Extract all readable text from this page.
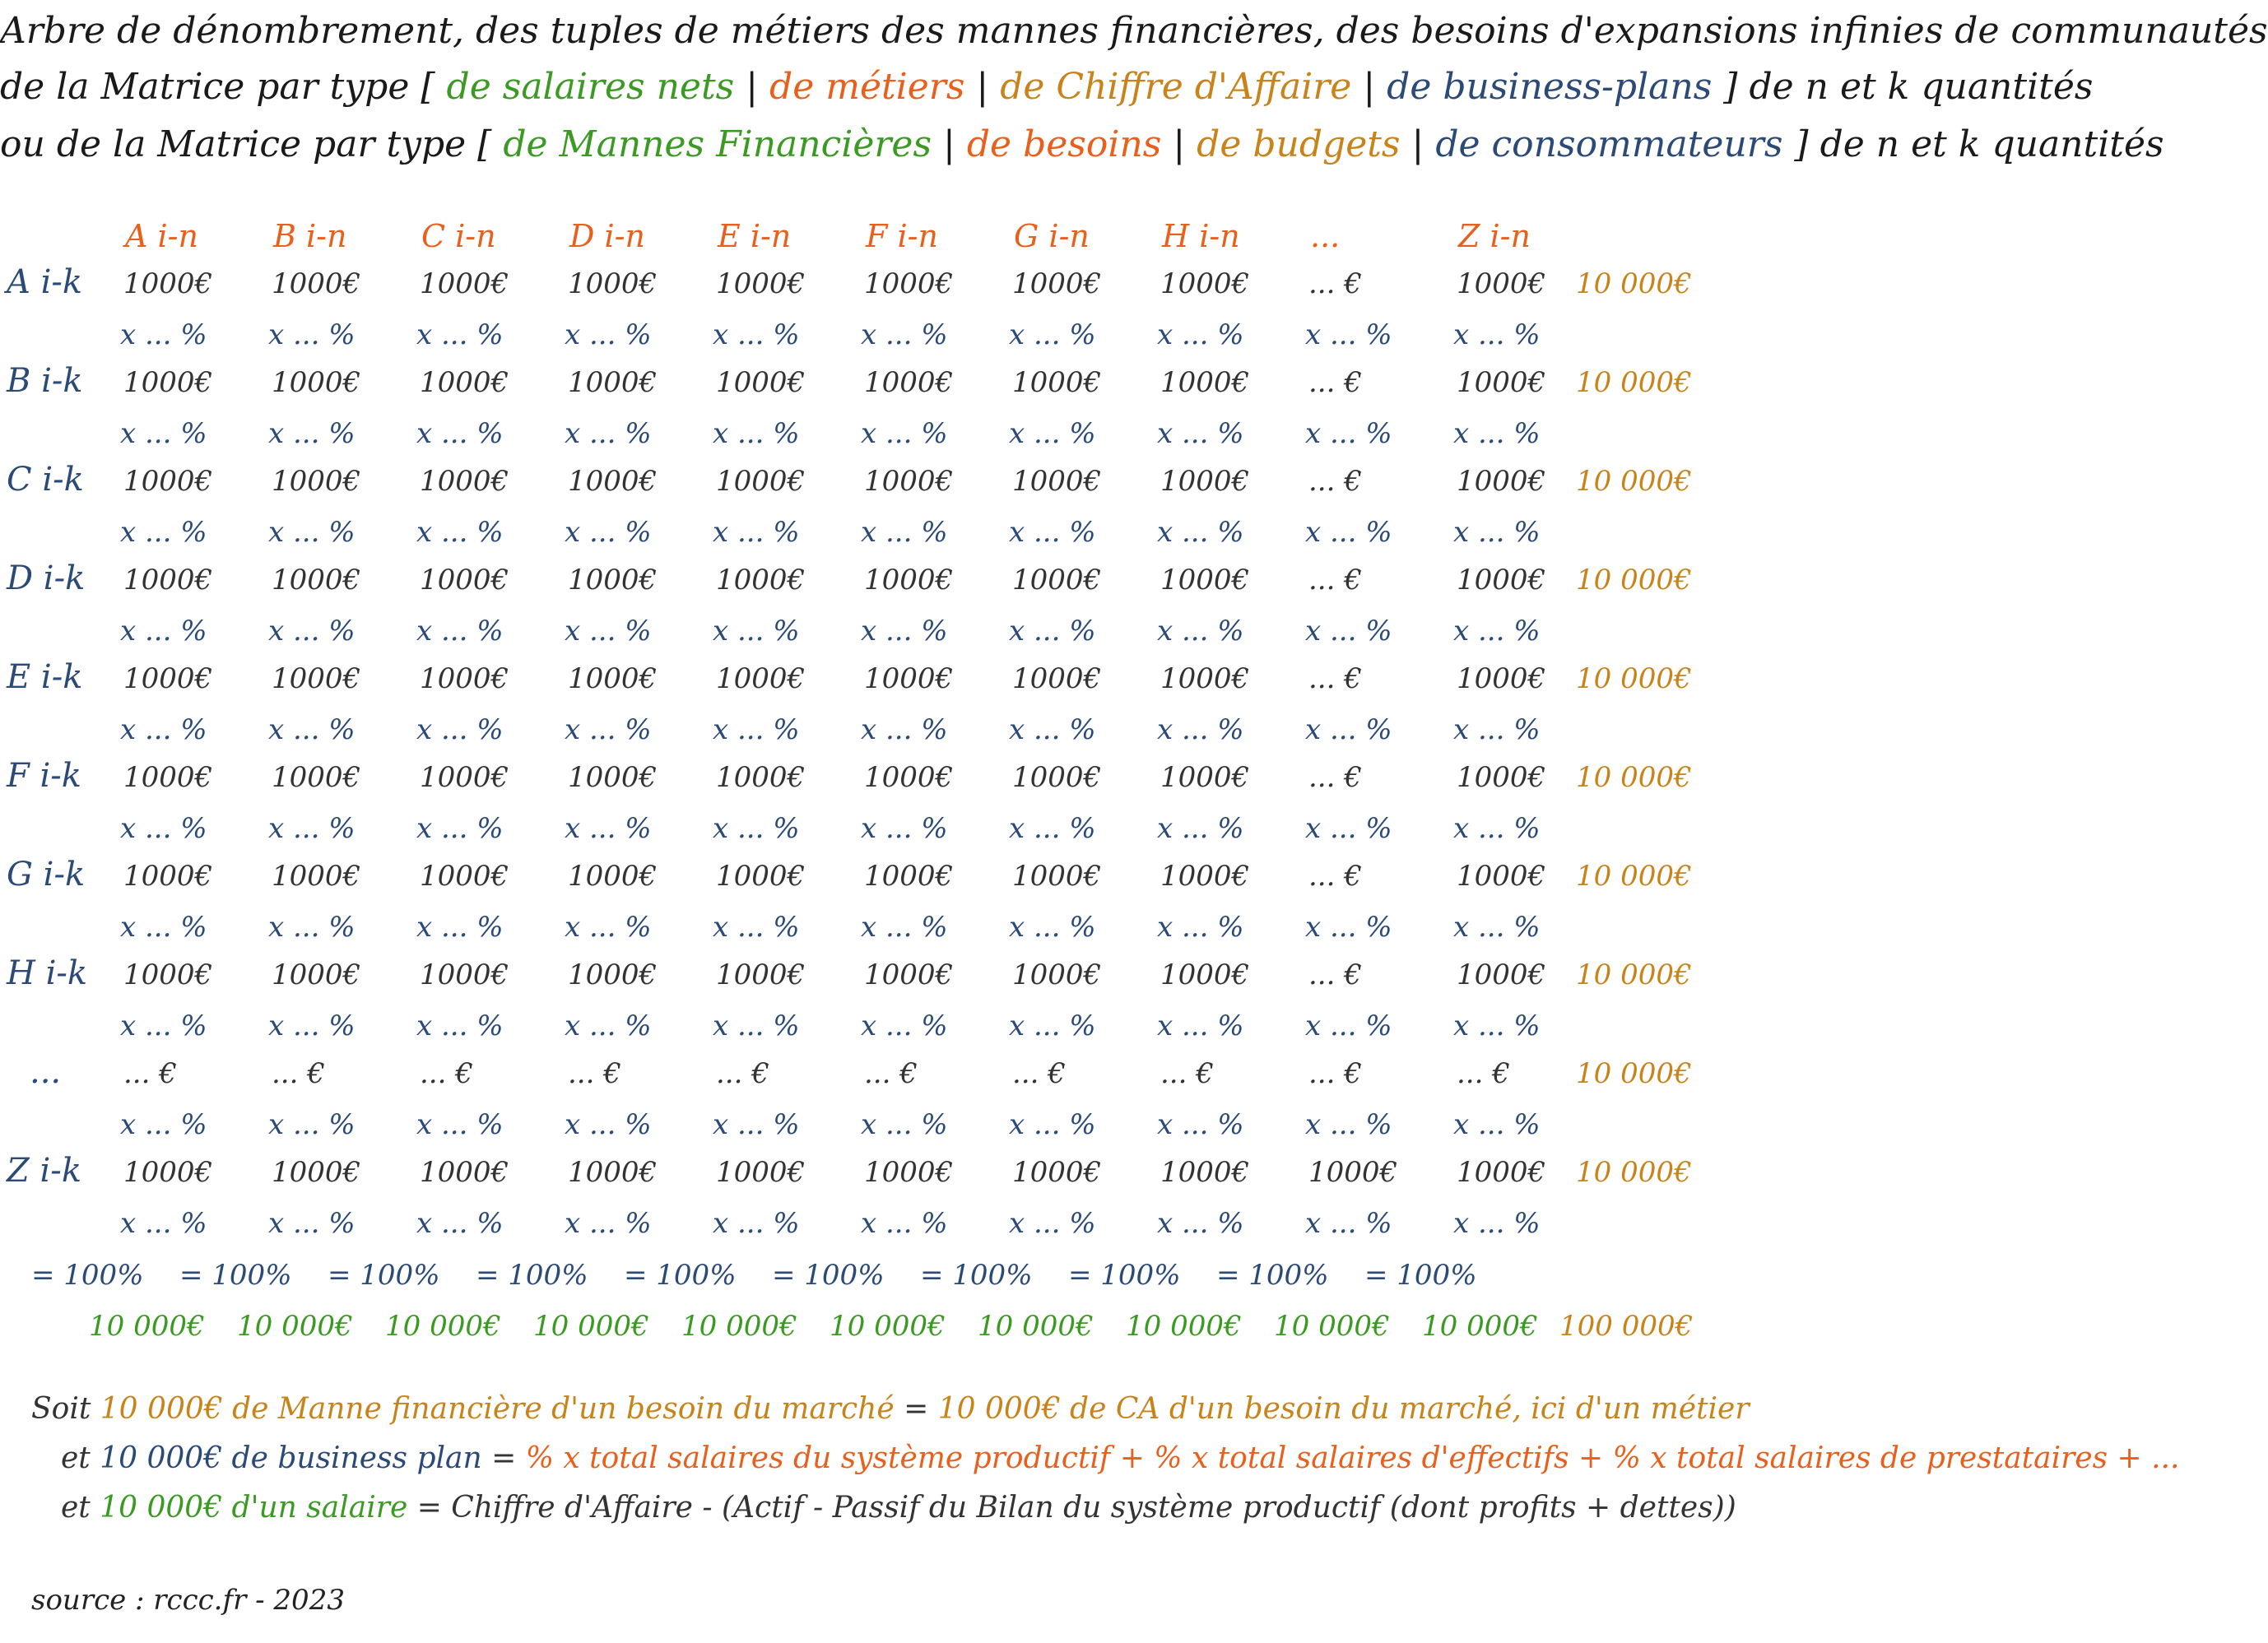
Arbre de dénombrement, des tuples de métiers des mannes financières, des besoins d'expansions infinies de communautés
de la Matrice par type [ de salaires nets | de métiers | de Chiffre d'Affaire | de business-plans ] de n et k quantités
ou de la Matrice par type [ de Mannes Financières | de besoins | de budgets | de consommateurs ] de n et k quantités
A i-n B i-n C i-n D i-n E i-n F i-n G i-n H i-n ...	Z i-n
A i-k 1000€
x ... %
1000€
x ... %
1000€
x ... %
1000€
x ... %
1000€
x ... %
1000€
x ... %
1000€
x ... %
1000€
x ... %
... €
x ... %
1000€
x ... %
10 000€
B i-k 1000€
x ... %
1000€
x ... %
1000€
x ... %
1000€
x ... %
1000€
x ... %
1000€
x ... %
1000€
x ... %
1000€
x ... %
... €
x ... %
1000€
x ... %
10 000€
C i-k 1000€
x ... %
1000€
x ... %
1000€
x ... %
1000€
x ... %
1000€
x ... %
1000€
x ... %
1000€
x ... %
1000€
x ... %
... €
x ... %
1000€
x ... %
10 000€
D i-k 1000€
x ... %
1000€
x ... %
1000€
x ... %
1000€
x ... %
1000€
x ... %
1000€
x ... %
1000€
x ... %
1000€
x ... %
... €
x ... %
1000€
x ... %
10 000€
E i-k 1000€
x ... %
1000€
x ... %
1000€
x ... %
1000€
x ... %
1000€
x ... %
1000€
x ... %
1000€
x ... %
1000€
x ... %
... €
x ... %
1000€
x ... %
10 000€
F i-k 1000€
x ... %
1000€
x ... %
1000€
x ... %
1000€
x ... %
1000€
x ... %
1000€
x ... %
1000€
x ... %
1000€
x ... %
... €
x ... %
1000€
x ... %
10 000€
G i-k 1000€
x ... %
1000€
x ... %
1000€
x ... %
1000€
x ... %
1000€
x ... %
1000€
x ... %
1000€
x ... %
1000€
x ... %
... €
x ... %
1000€
x ... %
10 000€
H i-k 1000€
x ... %
1000€
x ... %
1000€
x ... %
1000€
x ... %
1000€
x ... %
1000€
x ... %
1000€
x ... %
1000€
x ... %
... €
x ... %
1000€
x ... %
10 000€
... ... €
x ... %
... €
x ... %
... €
x ... %
... €
x ... %
... €
x ... %
... €
x ... %
... €
x ... %
... €
x ... %
... €
x ... %
... €
x ... %
10 000€
Z i-k 1000€
x ... %
1000€
x ... %
1000€
x ... %
1000€
x ... %
1000€
x ... %
1000€
x ... %
1000€
x ... %
1000€
x ... %
1000€
x ... %
1000€
x ... %
10 000€
= 100% = 100% = 100% = 100% = 100% = 100% = 100% = 100% = 100% = 100%
10 000€ 10 000€ 10 000€ 10 000€ 10 000€ 10 000€ 10 000€ 10 000€ 10 000€ 10 000€ 100 000€
Soit 10 000€ de Manne financière d'un besoin du marché = 10 000€ de CA d'un besoin du marché, ici d'un métier
et 10 000€ de business plan = % x total salaires du système productif + % x total salaires d'effectifs + % x total salaires de prestataires + ...
et 10 000€ d'un salaire = Chiffre d'Affaire - (Actif - Passif du Bilan du système productif (dont profits + dettes))
source : rccc.fr - 2023
